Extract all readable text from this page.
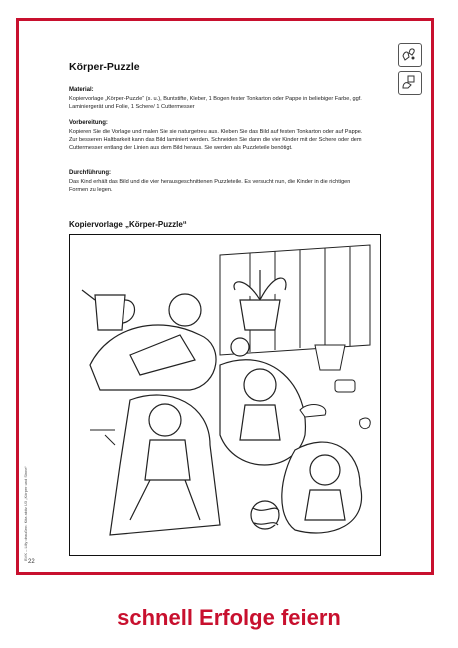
Körper-Puzzle

Material:

Kopiervorlage „Körper-Puzzle“ (s. u.), Buntstifte, Kleber, 1 Bogen fester Tonkarton oder Pappe in beliebiger Farbe, ggf. Laminiergerät und Folie, 1 Schere/ 1 Cuttermesser

Vorbereitung:

Kopieren Sie die Vorlage und malen Sie sie naturgetreu aus. Kleben Sie das Bild auf festen Tonkarton oder auf Pappe. Zur besseren Haltbarkeit kann das Bild laminiert werden. Schneiden Sie dann die vier Kinder mit der Schere oder dem Cuttermesser entlang der Linien aus dem Bild heraus. Sie werden als Puzzleteile benötigt.

Durchführung:

Das Kind erhält das Bild und die vier herausgeschnittenen Puzzleteile. Es versucht nun, die Kinder in die richtigen Formen zu legen.

Kopiervorlage „Körper-Puzzle“

BVK – Lilly draußen: Kita aktiv U3 „Körper und Sinne“
22

schnell Erfolge feiern
